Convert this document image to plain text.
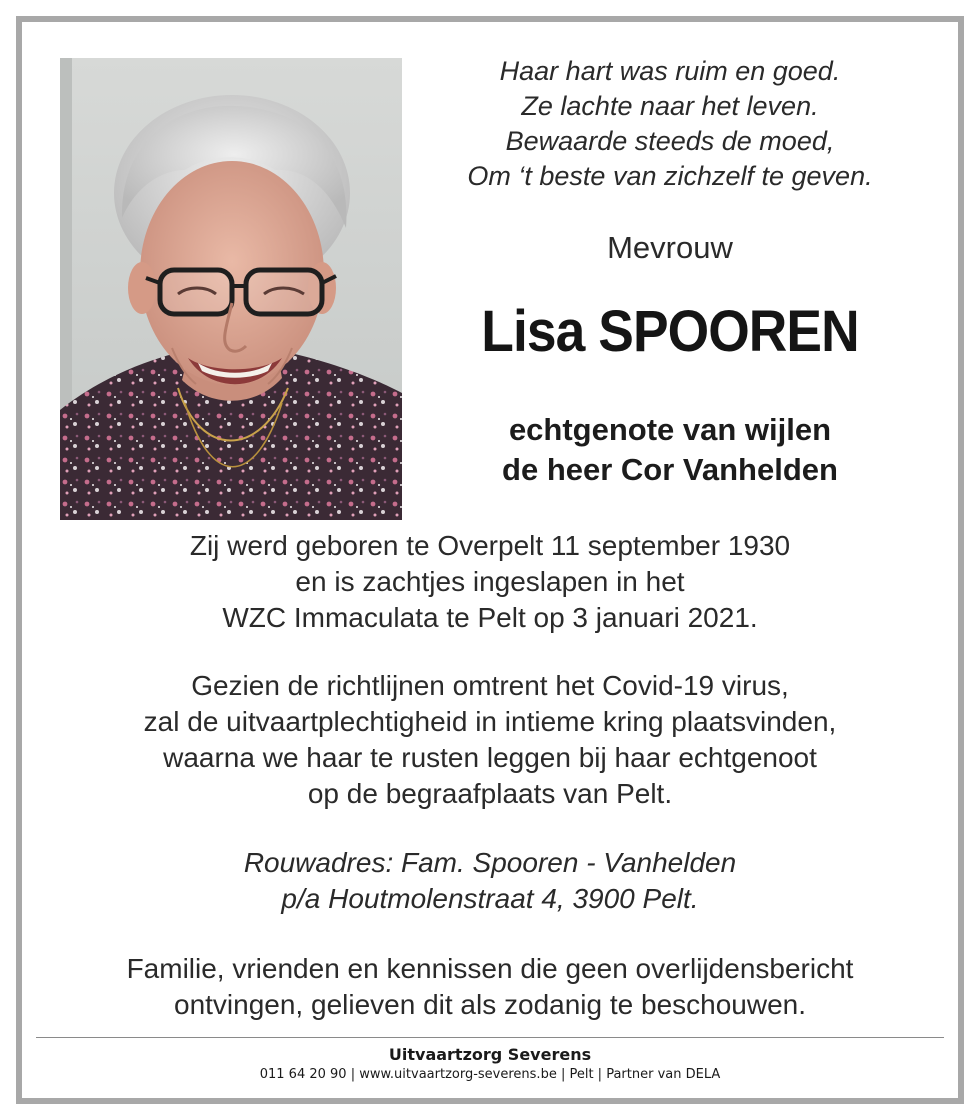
Haar hart was ruim en goed.
Ze lachte naar het leven.
Bewaarde steeds de moed,
Om ‘t beste van zichzelf te geven.
Mevrouw
Lisa SPOOREN
echtgenote van wijlen
de heer Cor Vanhelden
Zij werd geboren te Overpelt 11 september 1930
en is zachtjes ingeslapen in het
WZC Immaculata te Pelt op 3 januari 2021.
Gezien de richtlijnen omtrent het Covid-19 virus,
zal de uitvaartplechtigheid in intieme kring plaatsvinden,
waarna we haar te rusten leggen bij haar echtgenoot
op de begraafplaats van Pelt.
Rouwadres: Fam. Spooren - Vanhelden
p/a Houtmolenstraat 4, 3900 Pelt.
Familie, vrienden en kennissen die geen overlijdensbericht
ontvingen, gelieven dit als zodanig te beschouwen.
Uitvaartzorg Severens
011 64 20 90 | www.uitvaartzorg-severens.be | Pelt | Partner van DELA
